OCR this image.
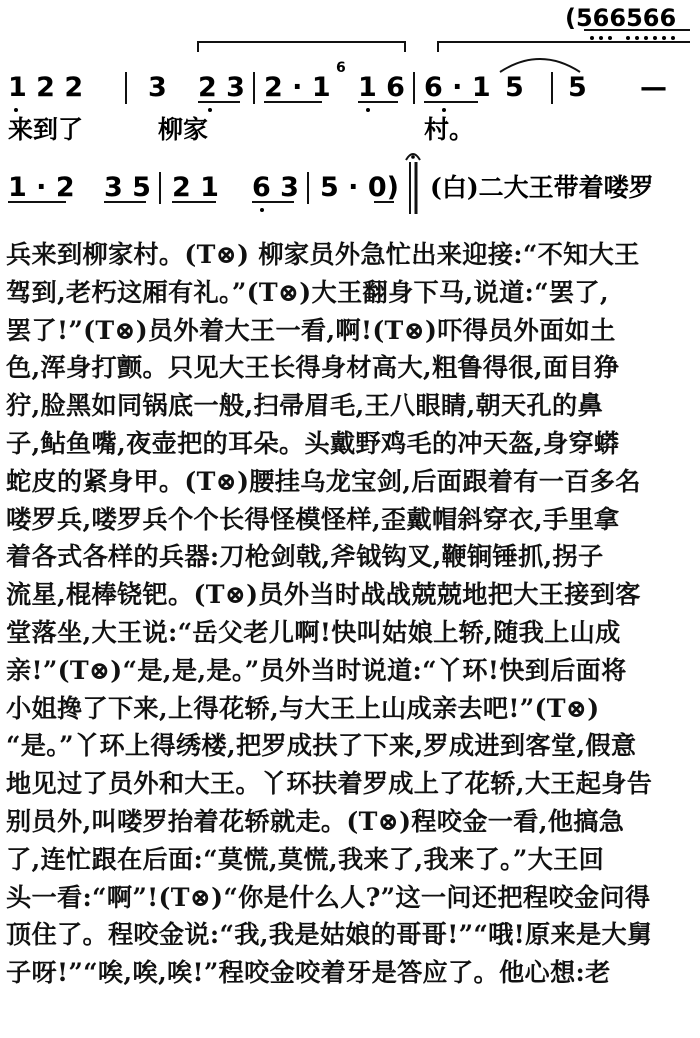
(566566
1 2 2 3 2 3 2 · 1
6
1 6 6 · 1 5 5 —
来到了	柳家	村。
1 · 2 3 5 2 1 6 3 5 · 0) (白)二大王带着喽罗
兵来到柳家村。(T⊗) 柳家员外急忙出来迎接:“不知大王
驾到,老朽这厢有礼。”(T⊗)大王翻身下马,说道:“罢了,
罢了!”(T⊗)员外着大王一看,啊!(T⊗)吓得员外面如土
色,浑身打颤。只见大王长得身材高大,粗鲁得很,面目狰
狞,脸黑如同锅底一般,扫帚眉毛,王八眼睛,朝天孔的鼻
子,鲇鱼嘴,夜壶把的耳朵。头戴野鸡毛的冲天盔,身穿蟒
蛇皮的紧身甲。(T⊗)腰挂乌龙宝剑,后面跟着有一百多名
喽罗兵,喽罗兵个个长得怪模怪样,歪戴帽斜穿衣,手里拿
着各式各样的兵器:刀枪剑戟,斧钺钩叉,鞭锏锤抓,拐子
流星,棍棒铙钯。(T⊗)员外当时战战兢兢地把大王接到客
堂落坐,大王说:“岳父老儿啊!快叫姑娘上轿,随我上山成
亲!”(T⊗)“是,是,是。”员外当时说道:“丫环!快到后面将
小姐搀了下来,上得花轿,与大王上山成亲去吧!”(T⊗)
“是。”丫环上得绣楼,把罗成扶了下来,罗成进到客堂,假意
地见过了员外和大王。丫环扶着罗成上了花轿,大王起身告
别员外,叫喽罗抬着花轿就走。(T⊗)程咬金一看,他搞急
了,连忙跟在后面:“莫慌,莫慌,我来了,我来了。”大王回
头一看:“啊”!(T⊗)“你是什么人?”这一问还把程咬金问得
顶住了。程咬金说:“我,我是姑娘的哥哥!”“哦!原来是大舅
子呀!”“唉,唉,唉!”程咬金咬着牙是答应了。他心想:老
